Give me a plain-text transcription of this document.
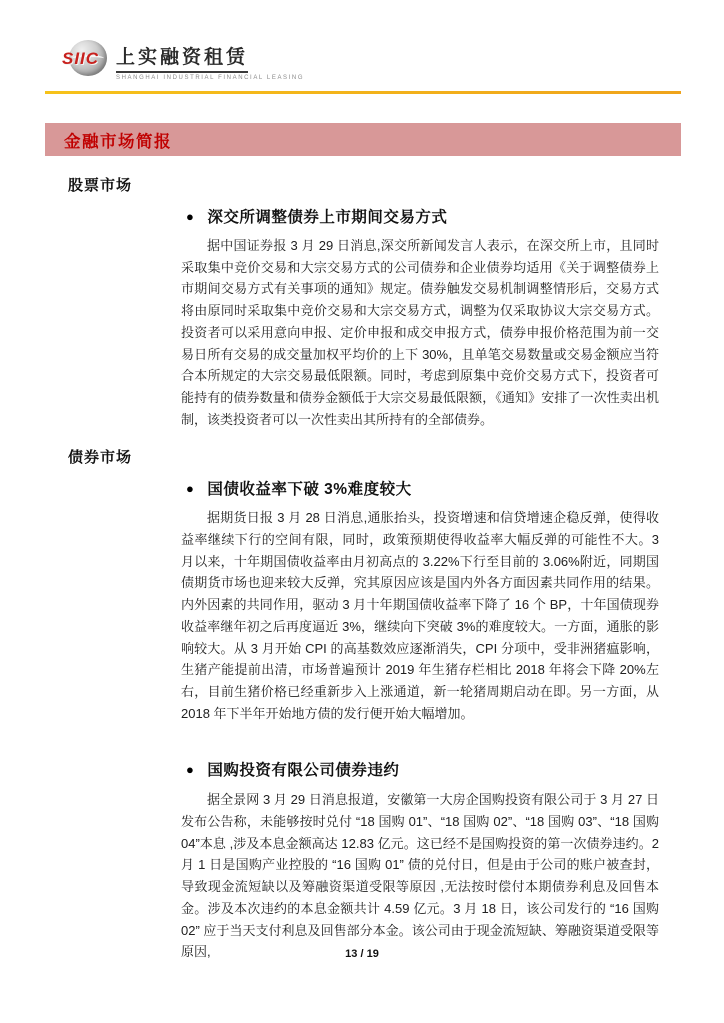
SIIC 上实融资租赁
SHANGHAI INDUSTRIAL FINANCIAL LEASING
金融市场简报
股票市场
● 深交所调整债券上市期间交易方式

据中国证券报 3 月 29 日消息,深交所新闻发言人表示，在深交所上市，且同时采取集中竞价交易和大宗交易方式的公司债券和企业债券均适用《关于调整债券上市期间交易方式有关事项的通知》规定。债券触发交易机制调整情形后，交易方式将由原同时采取集中竞价交易和大宗交易方式，调整为仅采取协议大宗交易方式。投资者可以采用意向申报、定价申报和成交申报方式，债券申报价格范围为前一交易日所有交易的成交量加权平均价的上下 30%，且单笔交易数量或交易金额应当符合本所规定的大宗交易最低限额。同时，考虑到原集中竞价交易方式下，投资者可能持有的债券数量和债券金额低于大宗交易最低限额，《通知》安排了一次性卖出机制，该类投资者可以一次性卖出其所持有的全部债券。

债券市场
● 国债收益率下破 3%难度较大

据期货日报 3 月 28 日消息,通胀抬头，投资增速和信贷增速企稳反弹，使得收益率继续下行的空间有限，同时，政策预期使得收益率大幅反弹的可能性不大。3 月以来，十年期国债收益率由月初高点的 3.22%下行至目前的 3.06%附近，同期国债期货市场也迎来较大反弹，究其原因应该是国内外各方面因素共同作用的结果。内外因素的共同作用，驱动 3 月十年期国债收益率下降了 16 个 BP，十年国债现券收益率继年初之后再度逼近 3%，继续向下突破 3%的难度较大。一方面，通胀的影响较大。从 3 月开始 CPI 的高基数效应逐渐消失，CPI 分项中，受非洲猪瘟影响，生猪产能提前出清，市场普遍预计 2019 年生猪存栏相比 2018 年将会下降 20%左右，目前生猪价格已经重新步入上涨通道，新一轮猪周期启动在即。另一方面，从 2018 年下半年开始地方债的发行便开始大幅增加。

● 国购投资有限公司债券违约

据全景网 3 月 29 日消息报道，安徽第一大房企国购投资有限公司于 3 月 27 日发布公告称，未能够按时兑付 “18 国购 01”、“18 国购 02”、“18 国购 03”、“18 国购 04”本息 ,涉及本息金额高达 12.83 亿元。这已经不是国购投资的第一次债券违约。2 月 1 日是国购产业控股的 “16 国购 01” 债的兑付日，但是由于公司的账户被查封，导致现金流短缺以及筹融资渠道受限等原因 ,无法按时偿付本期债券利息及回售本金。涉及本次违约的本息金额共计 4.59 亿元。3 月 18 日，该公司发行的 “16 国购 02” 应于当天支付利息及回售部分本金。该公司由于现金流短缺、筹融资渠道受限等原因,	13 / 19
